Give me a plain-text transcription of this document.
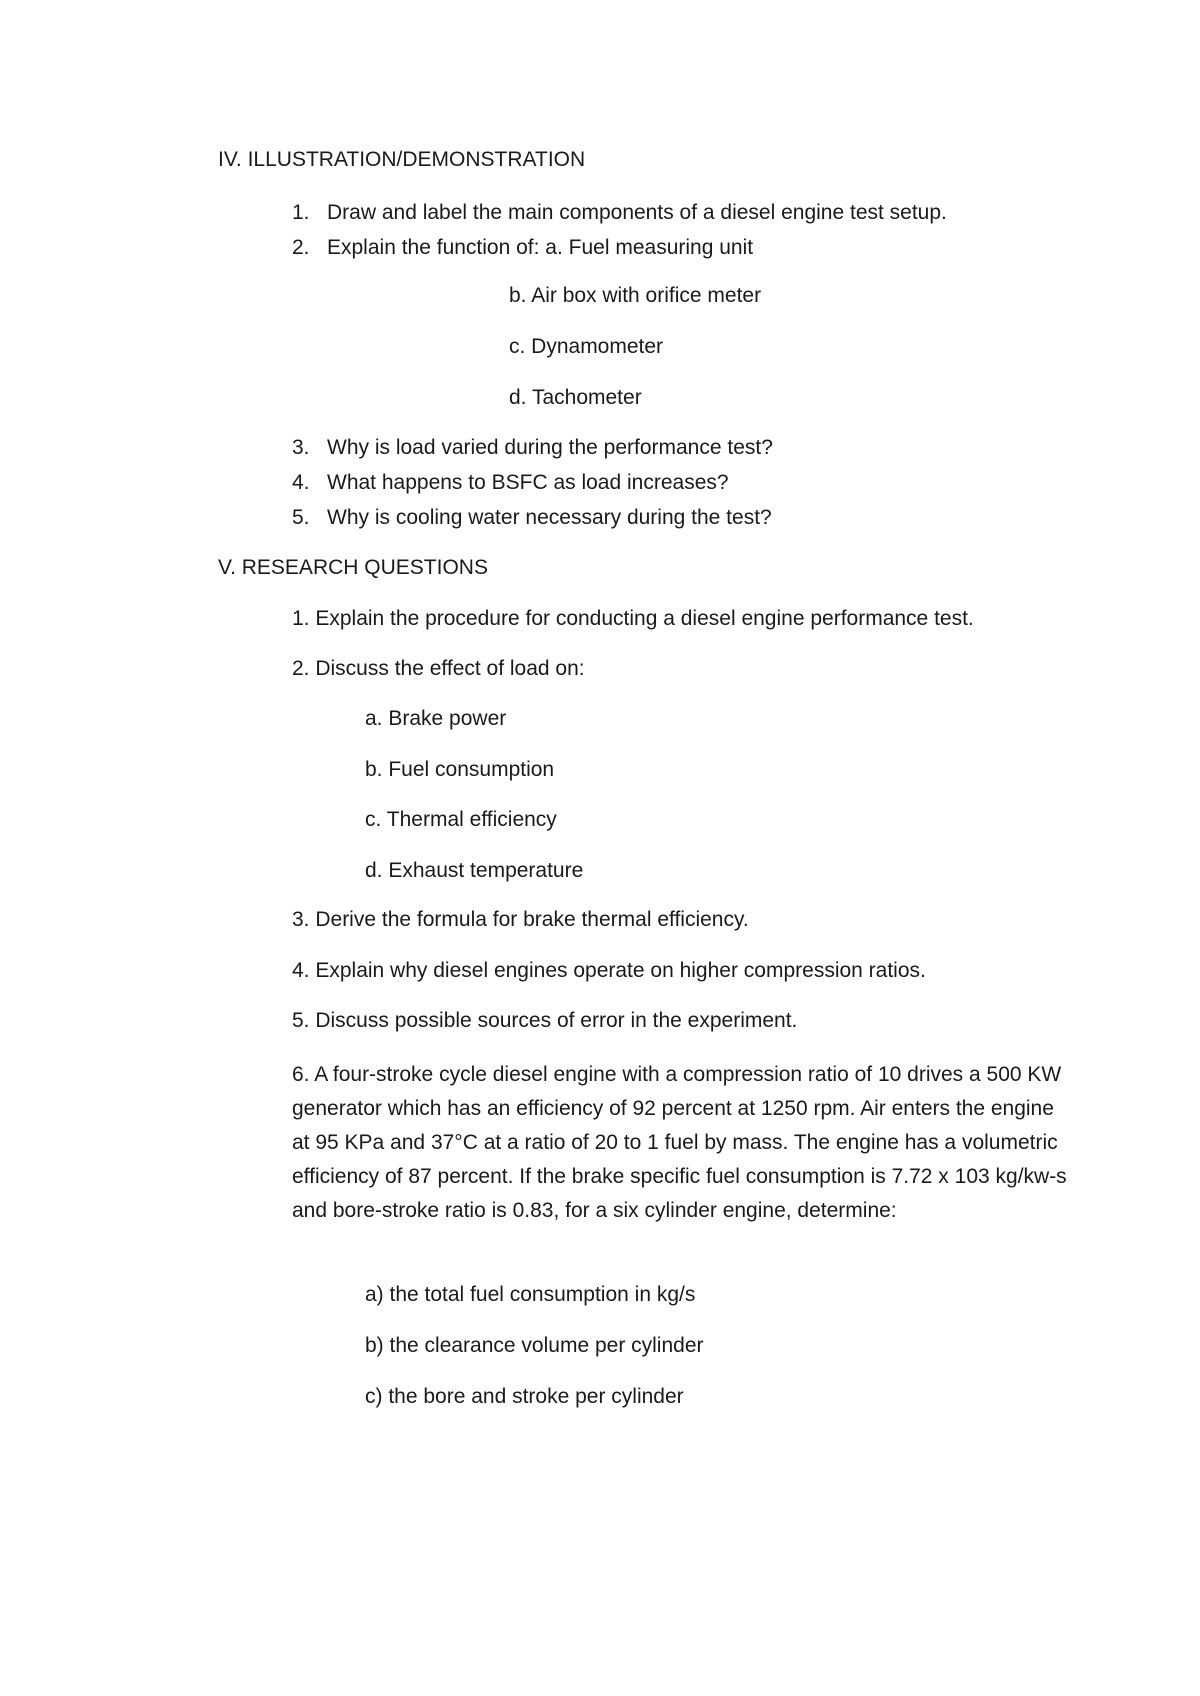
IV. ILLUSTRATION/DEMONSTRATION
1. Draw and label the main components of a diesel engine test setup.
2. Explain the function of: a. Fuel measuring unit
b. Air box with orifice meter
c. Dynamometer
d. Tachometer
3. Why is load varied during the performance test?
4. What happens to BSFC as load increases?
5. Why is cooling water necessary during the test?
V. RESEARCH QUESTIONS
1. Explain the procedure for conducting a diesel engine performance test.
2. Discuss the effect of load on:
a. Brake power
b. Fuel consumption
c. Thermal efficiency
d. Exhaust temperature
3. Derive the formula for brake thermal efficiency.
4. Explain why diesel engines operate on higher compression ratios.
5. Discuss possible sources of error in the experiment.
6. A four-stroke cycle diesel engine with a compression ratio of 10 drives a 500 KW generator which has an efficiency of 92 percent at 1250 rpm. Air enters the engine at 95 KPa and 37°C at a ratio of 20 to 1 fuel by mass. The engine has a volumetric efficiency of 87 percent. If the brake specific fuel consumption is 7.72 x 103 kg/kw-s and bore-stroke ratio is 0.83, for a six cylinder engine, determine:
a) the total fuel consumption in kg/s
b) the clearance volume per cylinder
c) the bore and stroke per cylinder
